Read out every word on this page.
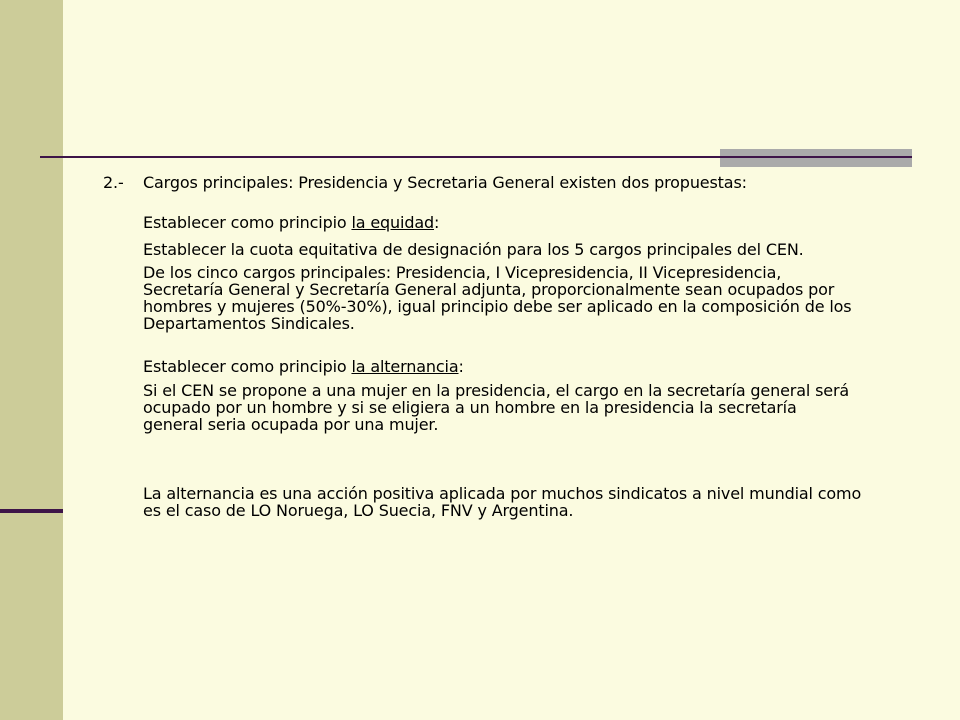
2.- Cargos principales: Presidencia y Secretaria General existen dos propuestas:
Establecer como principio la equidad:
Establecer la cuota equitativa de designación para los 5 cargos principales del CEN.
De los cinco cargos principales: Presidencia, I Vicepresidencia, II Vicepresidencia,
Secretaría General y Secretaría General adjunta, proporcionalmente sean ocupados por
hombres y mujeres (50%-30%), igual principio debe ser aplicado en la composición de los
Departamentos Sindicales.
Establecer como principio la alternancia:
Si el CEN se propone a una mujer en la presidencia, el cargo en la secretaría general será
ocupado por un hombre y si se eligiera a un hombre en la presidencia la secretaría
general seria ocupada por una mujer.
La alternancia es una acción positiva aplicada por muchos sindicatos a nivel mundial como
es el caso de LO Noruega, LO Suecia, FNV y Argentina.
